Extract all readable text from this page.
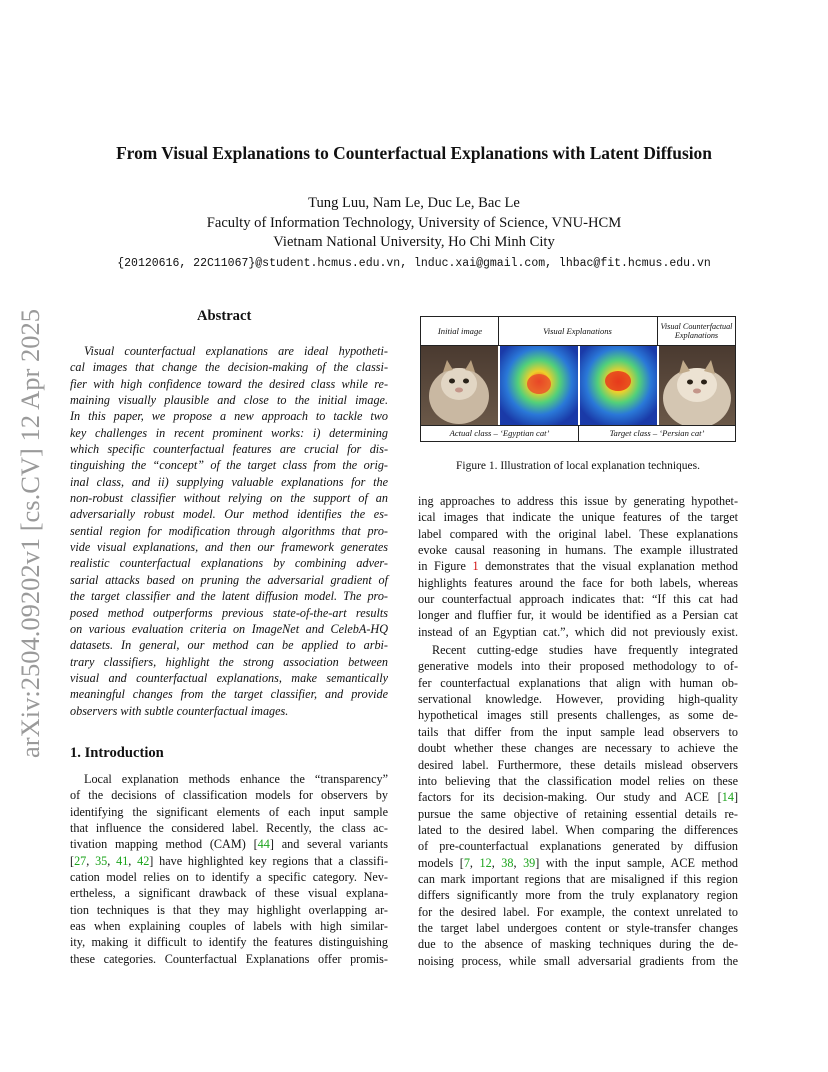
arXiv:2504.09202v1 [cs.CV] 12 Apr 2025
From Visual Explanations to Counterfactual Explanations with Latent Diffusion
Tung Luu, Nam Le, Duc Le, Bac Le
Faculty of Information Technology, University of Science, VNU-HCM
Vietnam National University, Ho Chi Minh City
{20120616, 22C11067}@student.hcmus.edu.vn, lnduc.xai@gmail.com, lhbac@fit.hcmus.edu.vn
Abstract
Visual counterfactual explanations are ideal hypotheti-
cal images that change the decision-making of the classi-
fier with high confidence toward the desired class while re-
maining visually plausible and close to the initial image.
In this paper, we propose a new approach to tackle two
key challenges in recent prominent works: i) determining
which specific counterfactual features are crucial for dis-
tinguishing the “concept” of the target class from the orig-
inal class, and ii) supplying valuable explanations for the
non-robust classifier without relying on the support of an
adversarially robust model. Our method identifies the es-
sential region for modification through algorithms that pro-
vide visual explanations, and then our framework generates
realistic counterfactual explanations by combining adver-
sarial attacks based on pruning the adversarial gradient of
the target classifier and the latent diffusion model. The pro-
posed method outperforms previous state-of-the-art results
on various evaluation criteria on ImageNet and CelebA-HQ
datasets. In general, our method can be applied to arbi-
trary classifiers, highlight the strong association between
visual and counterfactual explanations, make semantically
meaningful changes from the target classifier, and provide
observers with subtle counterfactual images.
1. Introduction
Local explanation methods enhance the “transparency”
of the decisions of classification models for observers by
identifying the significant elements of each input sample
that influence the considered label. Recently, the class ac-
tivation mapping method (CAM) [44] and several variants
[27, 35, 41, 42] have highlighted key regions that a classifi-
cation model relies on to identify a specific category. Nev-
ertheless, a significant drawback of these visual explana-
tion techniques is that they may highlight overlapping ar-
eas when explaining couples of labels with high similar-
ity, making it difficult to identify the features distinguishing
these categories. Counterfactual Explanations offer promis-
Initial image	Visual Explanations	Visual Counterfactual Explanations
Actual class – ‘Egyptian cat’	Target class – ‘Persian cat’
Figure 1. Illustration of local explanation techniques.
ing approaches to address this issue by generating hypothet-
ical images that indicate the unique features of the target
label compared with the original label. These explanations
evoke causal reasoning in humans. The example illustrated
in Figure 1 demonstrates that the visual explanation method
highlights features around the face for both labels, whereas
our counterfactual approach indicates that: “If this cat had
longer and fluffier fur, it would be identified as a Persian cat
instead of an Egyptian cat.”, which did not previously exist.
Recent cutting-edge studies have frequently integrated
generative models into their proposed methodology to of-
fer counterfactual explanations that align with human ob-
servational knowledge. However, providing high-quality
hypothetical images still presents challenges, as some de-
tails that differ from the input sample lead observers to
doubt whether these changes are necessary to achieve the
desired label. Furthermore, these details mislead observers
into believing that the classification model relies on these
factors for its decision-making. Our study and ACE [14]
pursue the same objective of retaining essential details re-
lated to the desired label. When comparing the differences
of pre-counterfactual explanations generated by diffusion
models [7, 12, 38, 39] with the input sample, ACE method
can mark important regions that are misaligned if this region
differs significantly more from the truly explanatory region
for the desired label. For example, the context unrelated to
the target label undergoes content or style-transfer changes
due to the absence of masking techniques during the de-
noising process, while small adversarial gradients from the
